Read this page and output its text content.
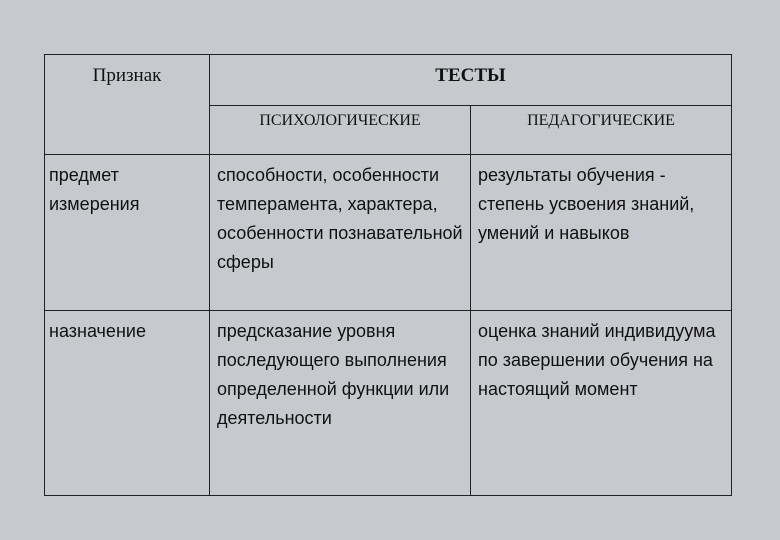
Признак	ТЕСТЫ	
	ПСИХОЛОГИЧЕСКИЕ	ПЕДАГОГИЧЕСКИЕ
предмет измерения	способности, особенности темперамента, характера, особенности познавательной сферы	результаты обучения - степень усвоения знаний, умений и навыков
назначение	предсказание уровня последующего выполнения определенной функции или деятельности	оценка знаний индивидуума по завершении обучения на настоящий момент
